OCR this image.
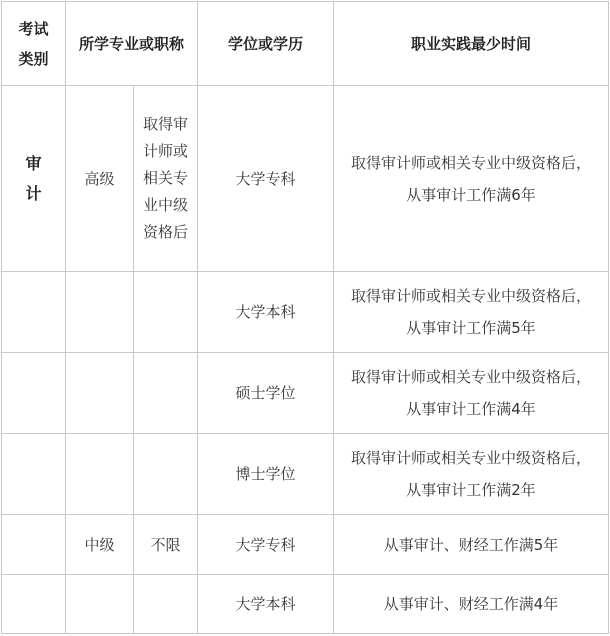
考试
类别	所学专业或职称		学位或学历	职业实践最少时间
审
计	高级	取得审计师或相关专业中级资格后	大学专科	取得审计师或相关专业中级资格后，
从事审计工作满6年
			大学本科	取得审计师或相关专业中级资格后，
从事审计工作满5年
			硕士学位	取得审计师或相关专业中级资格后，
从事审计工作满4年
			博士学位	取得审计师或相关专业中级资格后，
从事审计工作满2年
	中级	不限	大学专科	从事审计、财经工作满5年
			大学本科	从事审计、财经工作满4年
